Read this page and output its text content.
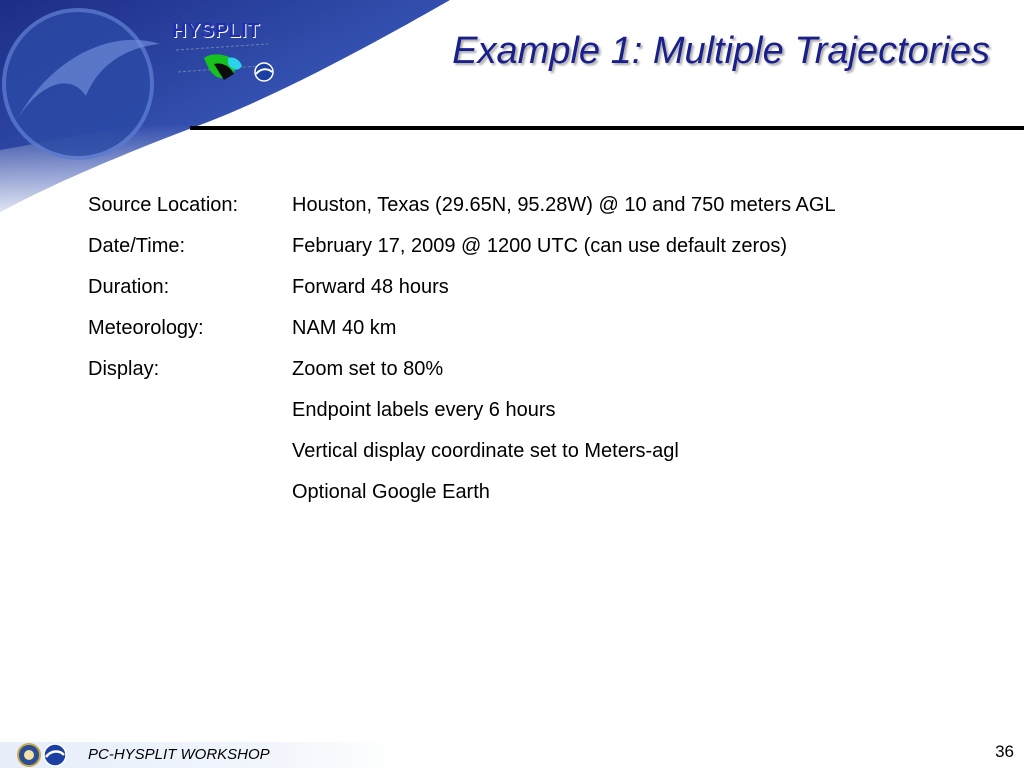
HYSPLIT	Example 1: Multiple Trajectories
Source Location:	Houston, Texas (29.65N, 95.28W) @ 10 and 750 meters AGL
Date/Time:	February 17, 2009 @ 1200 UTC (can use default zeros)
Duration:	Forward 48 hours
Meteorology:	NAM 40 km
Display:	Zoom set to 80%
Endpoint labels every 6 hours
Vertical display coordinate set to Meters-agl
Optional Google Earth
PC-HYSPLIT WORKSHOP	36
